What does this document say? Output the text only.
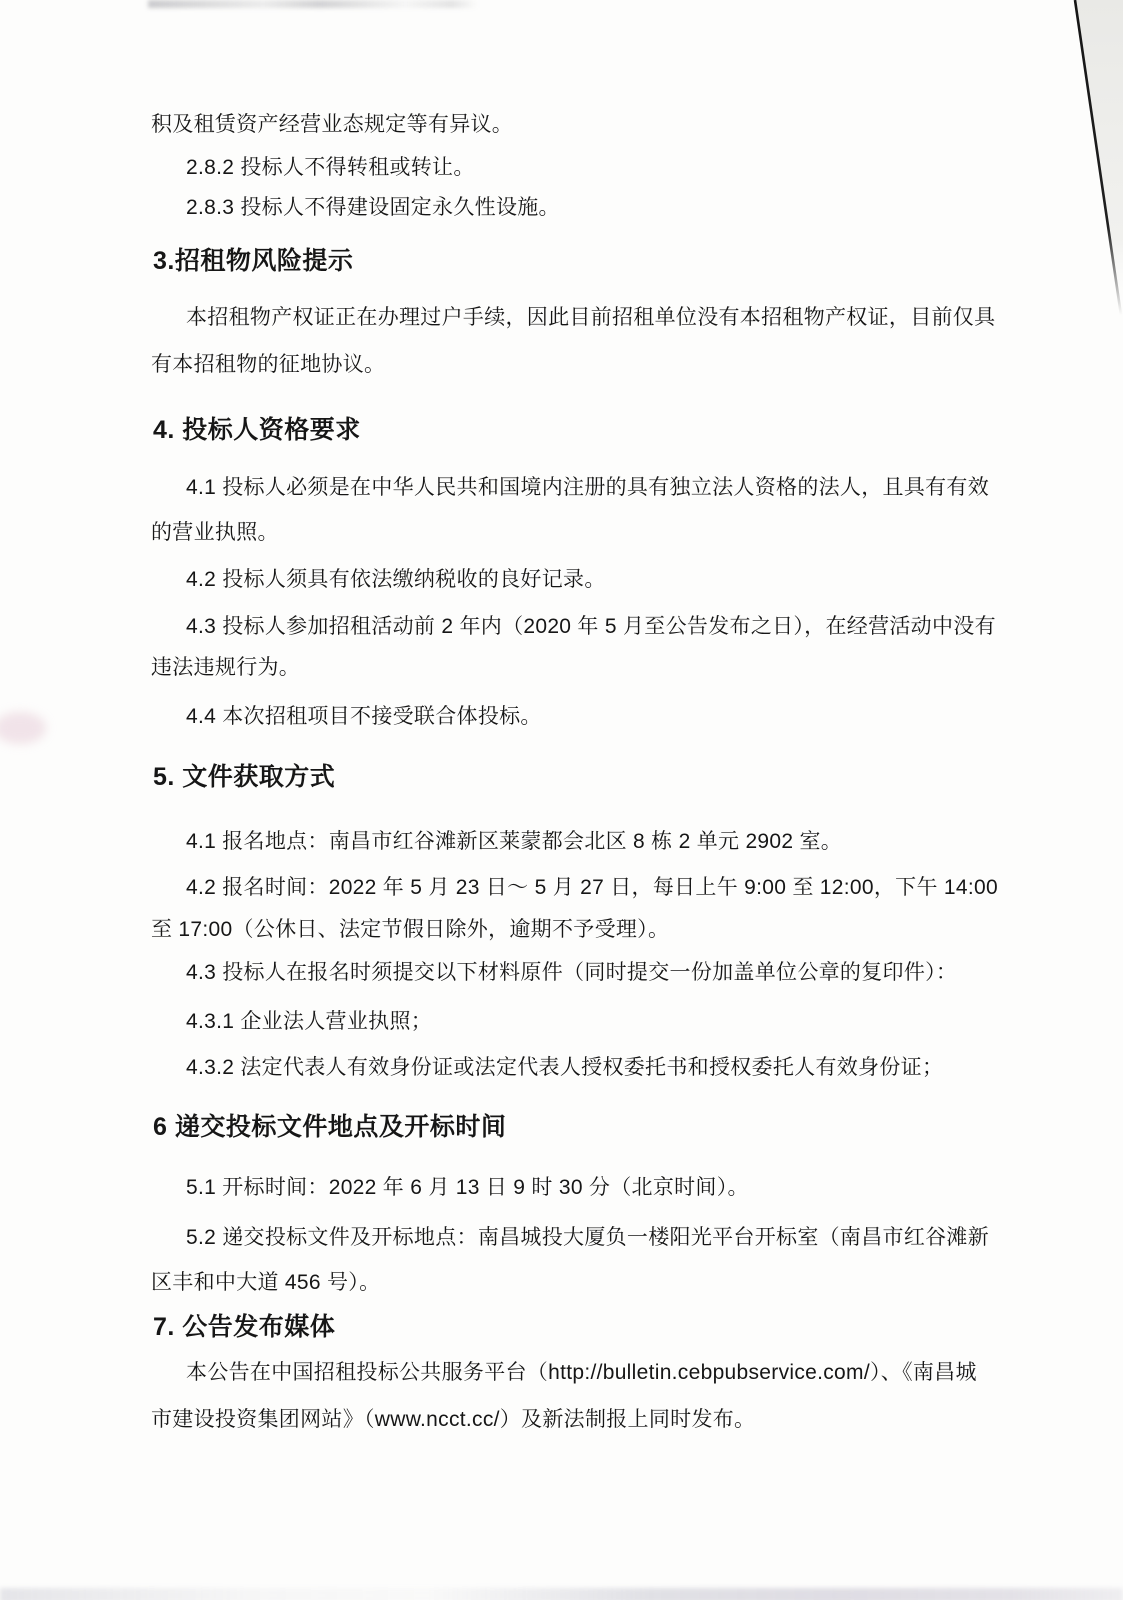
积及租赁资产经营业态规定等有异议。
2.8.2 投标人不得转租或转让。
2.8.3 投标人不得建设固定永久性设施。
3.招租物风险提示
本招租物产权证正在办理过户手续，因此目前招租单位没有本招租物产权证，目前仅具
有本招租物的征地协议。
4. 投标人资格要求
4.1 投标人必须是在中华人民共和国境内注册的具有独立法人资格的法人，且具有有效
的营业执照。
4.2 投标人须具有依法缴纳税收的良好记录。
4.3 投标人参加招租活动前 2 年内（2020 年 5 月至公告发布之日），在经营活动中没有
违法违规行为。
4.4 本次招租项目不接受联合体投标。
5. 文件获取方式
4.1 报名地点：南昌市红谷滩新区莱蒙都会北区 8 栋 2 单元 2902 室。
4.2 报名时间：2022 年 5 月 23 日～ 5 月 27 日，每日上午 9:00 至 12:00，下午 14:00
至 17:00（公休日、法定节假日除外，逾期不予受理）。
4.3 投标人在报名时须提交以下材料原件（同时提交一份加盖单位公章的复印件）：
4.3.1 企业法人营业执照；
4.3.2 法定代表人有效身份证或法定代表人授权委托书和授权委托人有效身份证；
6 递交投标文件地点及开标时间
5.1 开标时间：2022 年 6 月 13 日 9 时 30 分（北京时间）。
5.2 递交投标文件及开标地点：南昌城投大厦负一楼阳光平台开标室（南昌市红谷滩新
区丰和中大道 456 号）。
7. 公告发布媒体
本公告在中国招租投标公共服务平台（http://bulletin.cebpubservice.com/）、《南昌城
市建设投资集团网站》（www.ncct.cc/）及新法制报上同时发布。
